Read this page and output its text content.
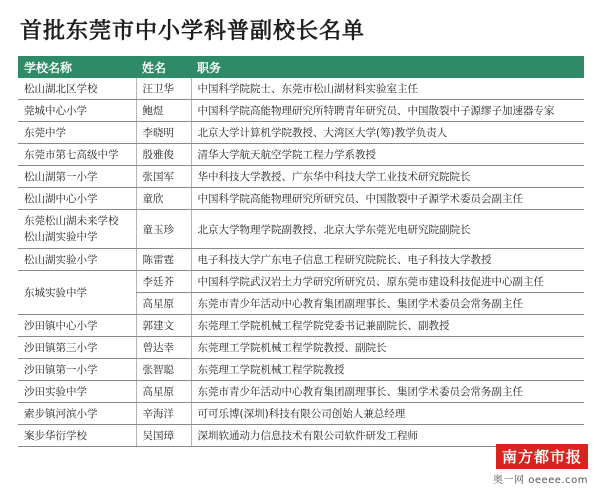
首批东莞市中小学科普副校长名单
学校名称	姓名	职务

松山湖北区学校	汪卫华	中国科学院院士、东莞市松山湖材料实验室主任

莞城中心小学	鲍煜	中国科学院高能物理研究所特聘青年研究员、中国散裂中子源缪子加速器专家

东莞中学	李晓明	北京大学计算机学院教授、大湾区大学(筹)教学负责人

东莞市第七高级中学	殷雅俊	清华大学航天航空学院工程力学系教授

松山湖第一小学	张国军	华中科技大学教授、广东华中科技大学工业技术研究院院长

松山湖中心小学	童欣	中国科学院高能物理研究所研究员、中国散裂中子源学术委员会副主任

东莞松山湖未来学校
松山湖实验中学	童玉珍	北京大学物理学院副教授、北京大学东莞光电研究院副院长

松山湖实验小学	陈雷霆	电子科技大学广东电子信息工程研究院院长、电子科技大学教授

东城实验中学	李廷芥	中国科学院武汉岩土力学研究所研究员、原东莞市建设科技促进中心副主任
	高星原	东莞市青少年活动中心教育集团副理事长、集团学术委员会常务副主任

沙田镇中心小学	郭建文	东莞理工学院机械工程学院党委书记兼副院长、副教授

沙田镇第三小学	曾达幸	东莞理工学院机械工程学院教授、副院长

沙田镇第一小学	张智聪	东莞理工学院机械工程学院教授

沙田实验中学	高星原	东莞市青少年活动中心教育集团副理事长、集团学术委员会常务副主任

索步镇河滨小学	辛海洋	可可乐博(深圳)科技有限公司创始人兼总经理

案步华衍学校	吴国璋	深圳软通动力信息技术有限公司软件研发工程师
南方都市报
奥一网 oeeee.com
